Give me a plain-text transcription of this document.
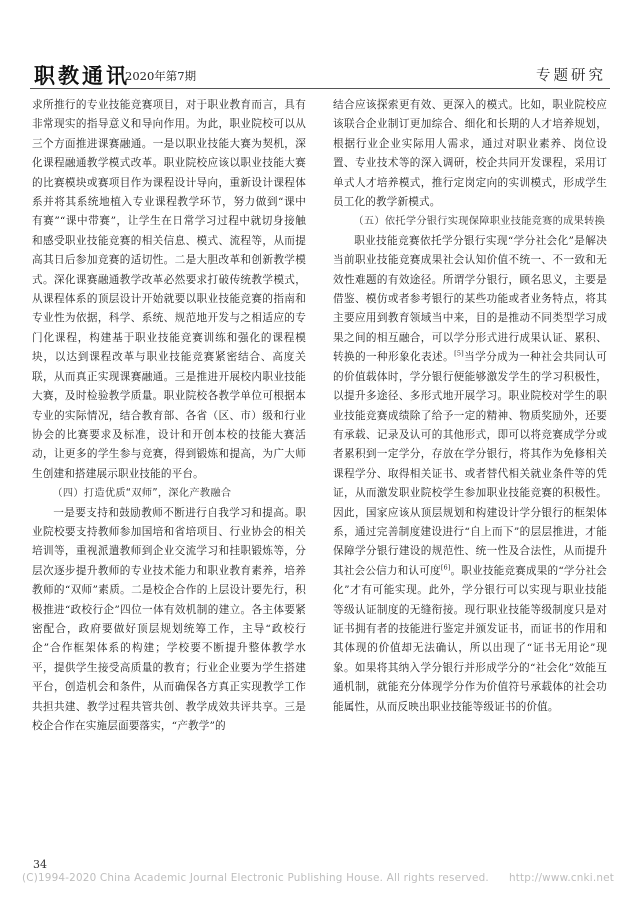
职教通讯
2020年第7期	专题研究

求所推行的专业技能竞赛项目，对于职业教育而言，具有非常现实的指导意义和导向作用。为此，职业院校可以从三个方面推进课赛融通。一是以职业技能大赛为契机，深化课程融通教学模式改革。职业院校应该以职业技能大赛的比赛模块或赛项目作为课程设计导向，重新设计课程体系并将其系统地植入专业课程教学环节，努力做到“课中有赛”“课中带赛”，让学生在日常学习过程中就切身接触和感受职业技能竞赛的相关信息、模式、流程等，从而提高其日后参加竞赛的适切性。二是大胆改革和创新教学模式。深化课赛融通教学改革必然要求打破传统教学模式，从课程体系的顶层设计开始就要以职业技能竞赛的指南和专业性为依据，科学、系统、规范地开发与之相适应的专门化课程，构建基于职业技能竞赛训练和强化的课程模块，以达到课程改革与职业技能竞赛紧密结合、高度关联，从而真正实现课赛融通。三是推进开展校内职业技能大赛，及时检验教学质量。职业院校各教学单位可根据本专业的实际情况，结合教育部、各省（区、市）级和行业协会的比赛要求及标准，设计和开创本校的技能大赛活动，让更多的学生参与竞赛，得到锻炼和提高，为广大师生创建和搭建展示职业技能的平台。

（四）打造优质“双师”，深化产教融合

一是要支持和鼓励教师不断进行自我学习和提高。职业院校要支持教师参加国培和省培项目、行业协会的相关培训等，重视派遣教师到企业交流学习和挂职锻炼等，分层次逐步提升教师的专业技术能力和职业教育素养，培养教师的“双师”素质。二是校企合作的上层设计要先行，积极推进“政校行企”四位一体有效机制的建立。各主体要紧密配合，政府要做好顶层规划统筹工作，主导“政校行企”合作框架体系的构建；学校要不断提升整体教学水平，提供学生接受高质量的教育；行业企业要为学生搭建平台，创造机会和条件，从而确保各方真正实现教学工作共担共建、教学过程共管共创、教学成效共评共享。三是校企合作在实施层面要落实，“产教学”的

结合应该探索更有效、更深入的模式。比如，职业院校应该联合企业制订更加综合、细化和长期的人才培养规划，根据行业企业实际用人需求，通过对职业素养、岗位设置、专业技术等的深入调研，校企共同开发课程，采用订单式人才培养模式，推行定岗定向的实训模式，形成学生员工化的教学新模式。

（五）依托学分银行实现保障职业技能竞赛的成果转换

职业技能竞赛依托学分银行实现“学分社会化”是解决当前职业技能竞赛成果社会认知价值不统一、不一致和无效性难题的有效途径。所谓学分银行，顾名思义，主要是借鉴、模仿或者参考银行的某些功能或者业务特点，将其主要应用到教育领域当中来，目的是推动不同类型学习成果之间的相互融合，可以学分形式进行成果认证、累积、转换的一种形象化表述。[5]当学分成为一种社会共同认可的价值载体时，学分银行便能够激发学生的学习积极性，以提升多途径、多形式地开展学习。职业院校对学生的职业技能竞赛成绩除了给予一定的精神、物质奖励外，还要有承载、记录及认可的其他形式，即可以将竞赛成学分或者累积到一定学分，存放在学分银行，将其作为免修相关课程学分、取得相关证书、或者替代相关就业条件等的凭证，从而激发职业院校学生参加职业技能竞赛的积极性。因此，国家应该从顶层规划和构建设计学分银行的框架体系，通过完善制度建设进行“自上而下”的层层推进，才能保障学分银行建设的规范性、统一性及合法性，从而提升其社会公信力和认可度[6]。职业技能竞赛成果的“学分社会化”才有可能实现。此外，学分银行可以实现与职业技能等级认证制度的无缝衔接。现行职业技能等级制度只是对证书拥有者的技能进行鉴定并颁发证书，而证书的作用和其体现的价值却无法确认，所以出现了“证书无用论”现象。如果将其纳入学分银行并形成学分的“社会化”效能互通机制，就能充分体现学分作为价值符号承载体的社会功能属性，从而反映出职业技能等级证书的价值。

34
(C)1994-2020 China Academic Journal Electronic Publishing House. All rights reserved. http://www.cnki.net
